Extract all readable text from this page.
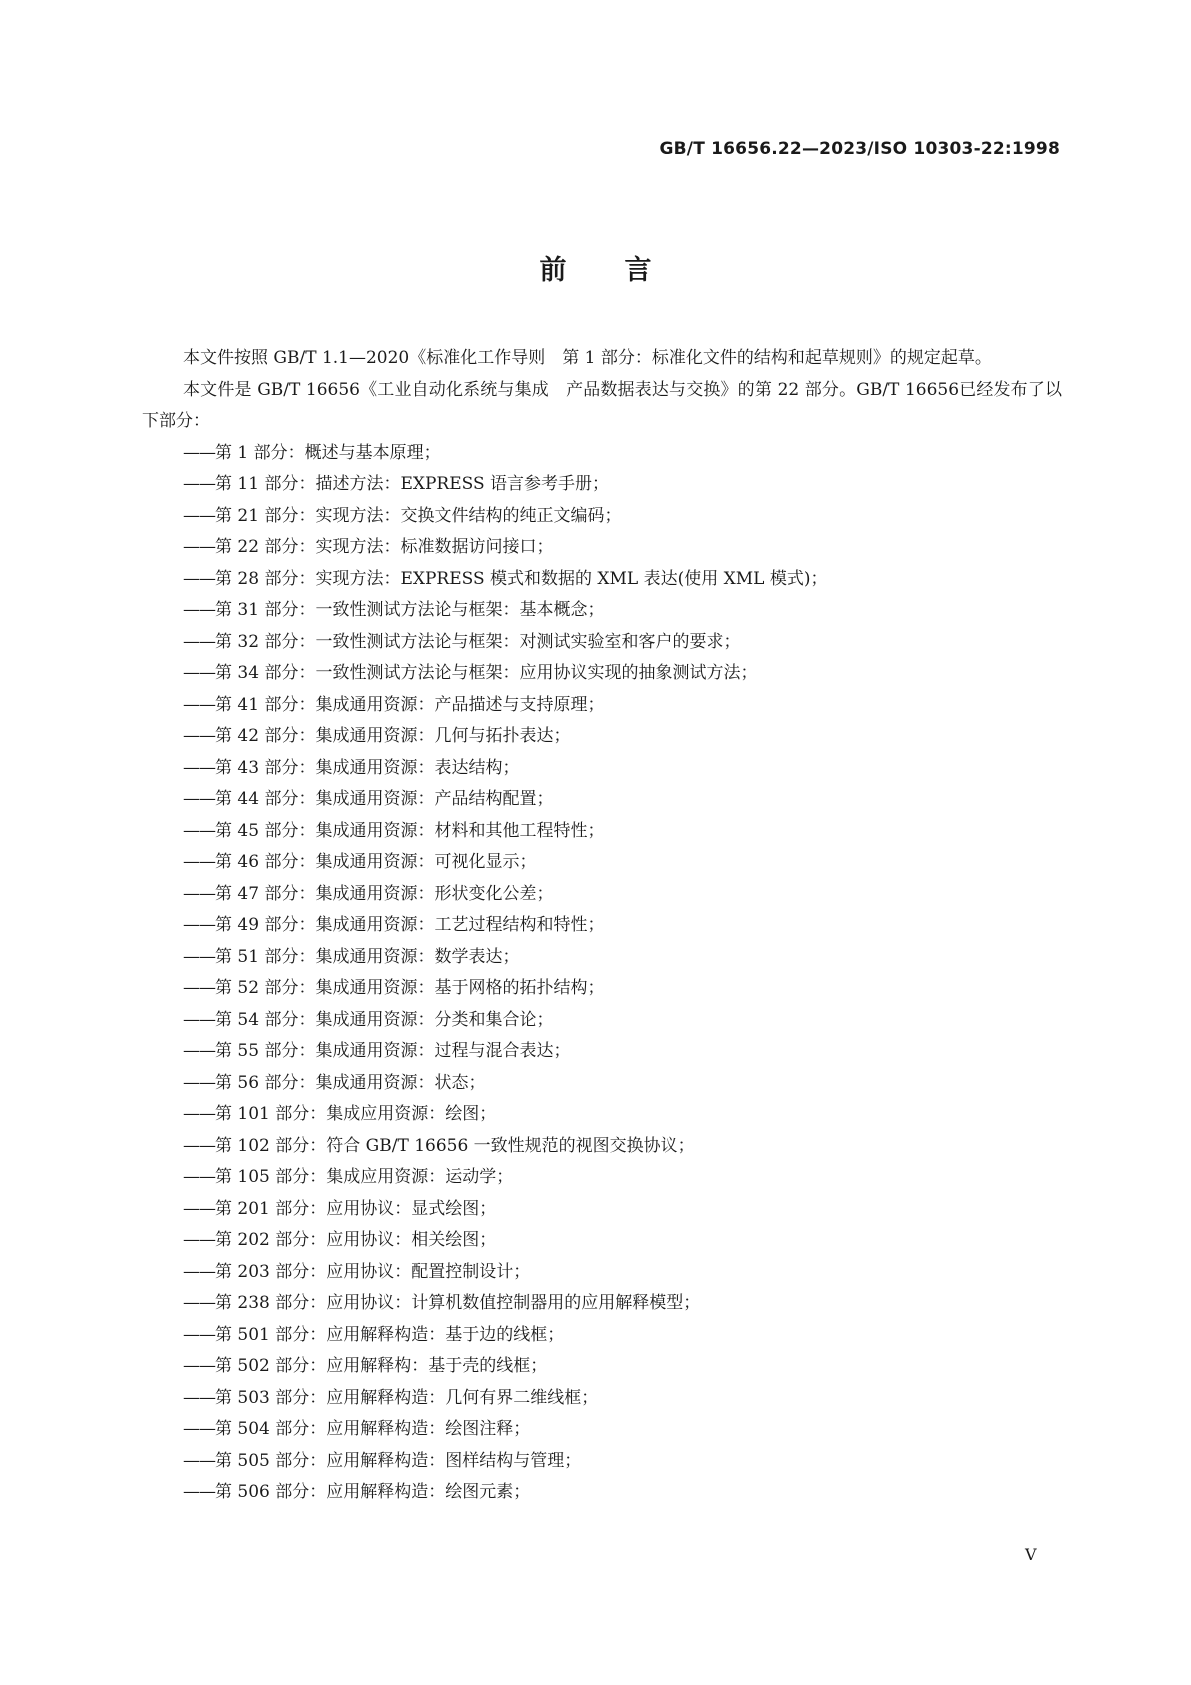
GB/T 16656.22—2023/ISO 10303-22:1998
前言

本文件按照 GB/T 1.1—2020《标准化工作导则　第 1 部分：标准化文件的结构和起草规则》的规定起草。

本文件是 GB/T 16656《工业自动化系统与集成　产品数据表达与交换》的第 22 部分。GB/T 16656已经发布了以下部分：

——第 1 部分：概述与基本原理；
——第 11 部分：描述方法：EXPRESS 语言参考手册；
——第 21 部分：实现方法：交换文件结构的纯正文编码；
——第 22 部分：实现方法：标准数据访问接口；
——第 28 部分：实现方法：EXPRESS 模式和数据的 XML 表达(使用 XML 模式)；
——第 31 部分：一致性测试方法论与框架：基本概念；
——第 32 部分：一致性测试方法论与框架：对测试实验室和客户的要求；
——第 34 部分：一致性测试方法论与框架：应用协议实现的抽象测试方法；
——第 41 部分：集成通用资源：产品描述与支持原理；
——第 42 部分：集成通用资源：几何与拓扑表达；
——第 43 部分：集成通用资源：表达结构；
——第 44 部分：集成通用资源：产品结构配置；
——第 45 部分：集成通用资源：材料和其他工程特性；
——第 46 部分：集成通用资源：可视化显示；
——第 47 部分：集成通用资源：形状变化公差；
——第 49 部分：集成通用资源：工艺过程结构和特性；
——第 51 部分：集成通用资源：数学表达；
——第 52 部分：集成通用资源：基于网格的拓扑结构；
——第 54 部分：集成通用资源：分类和集合论；
——第 55 部分：集成通用资源：过程与混合表达；
——第 56 部分：集成通用资源：状态；
——第 101 部分：集成应用资源：绘图；
——第 102 部分：符合 GB/T 16656 一致性规范的视图交换协议；
——第 105 部分：集成应用资源：运动学；
——第 201 部分：应用协议：显式绘图；
——第 202 部分：应用协议：相关绘图；
——第 203 部分：应用协议：配置控制设计；
——第 238 部分：应用协议：计算机数值控制器用的应用解释模型；
——第 501 部分：应用解释构造：基于边的线框；
——第 502 部分：应用解释构：基于壳的线框；
——第 503 部分：应用解释构造：几何有界二维线框；
——第 504 部分：应用解释构造：绘图注释；
——第 505 部分：应用解释构造：图样结构与管理；
——第 506 部分：应用解释构造：绘图元素；
V
